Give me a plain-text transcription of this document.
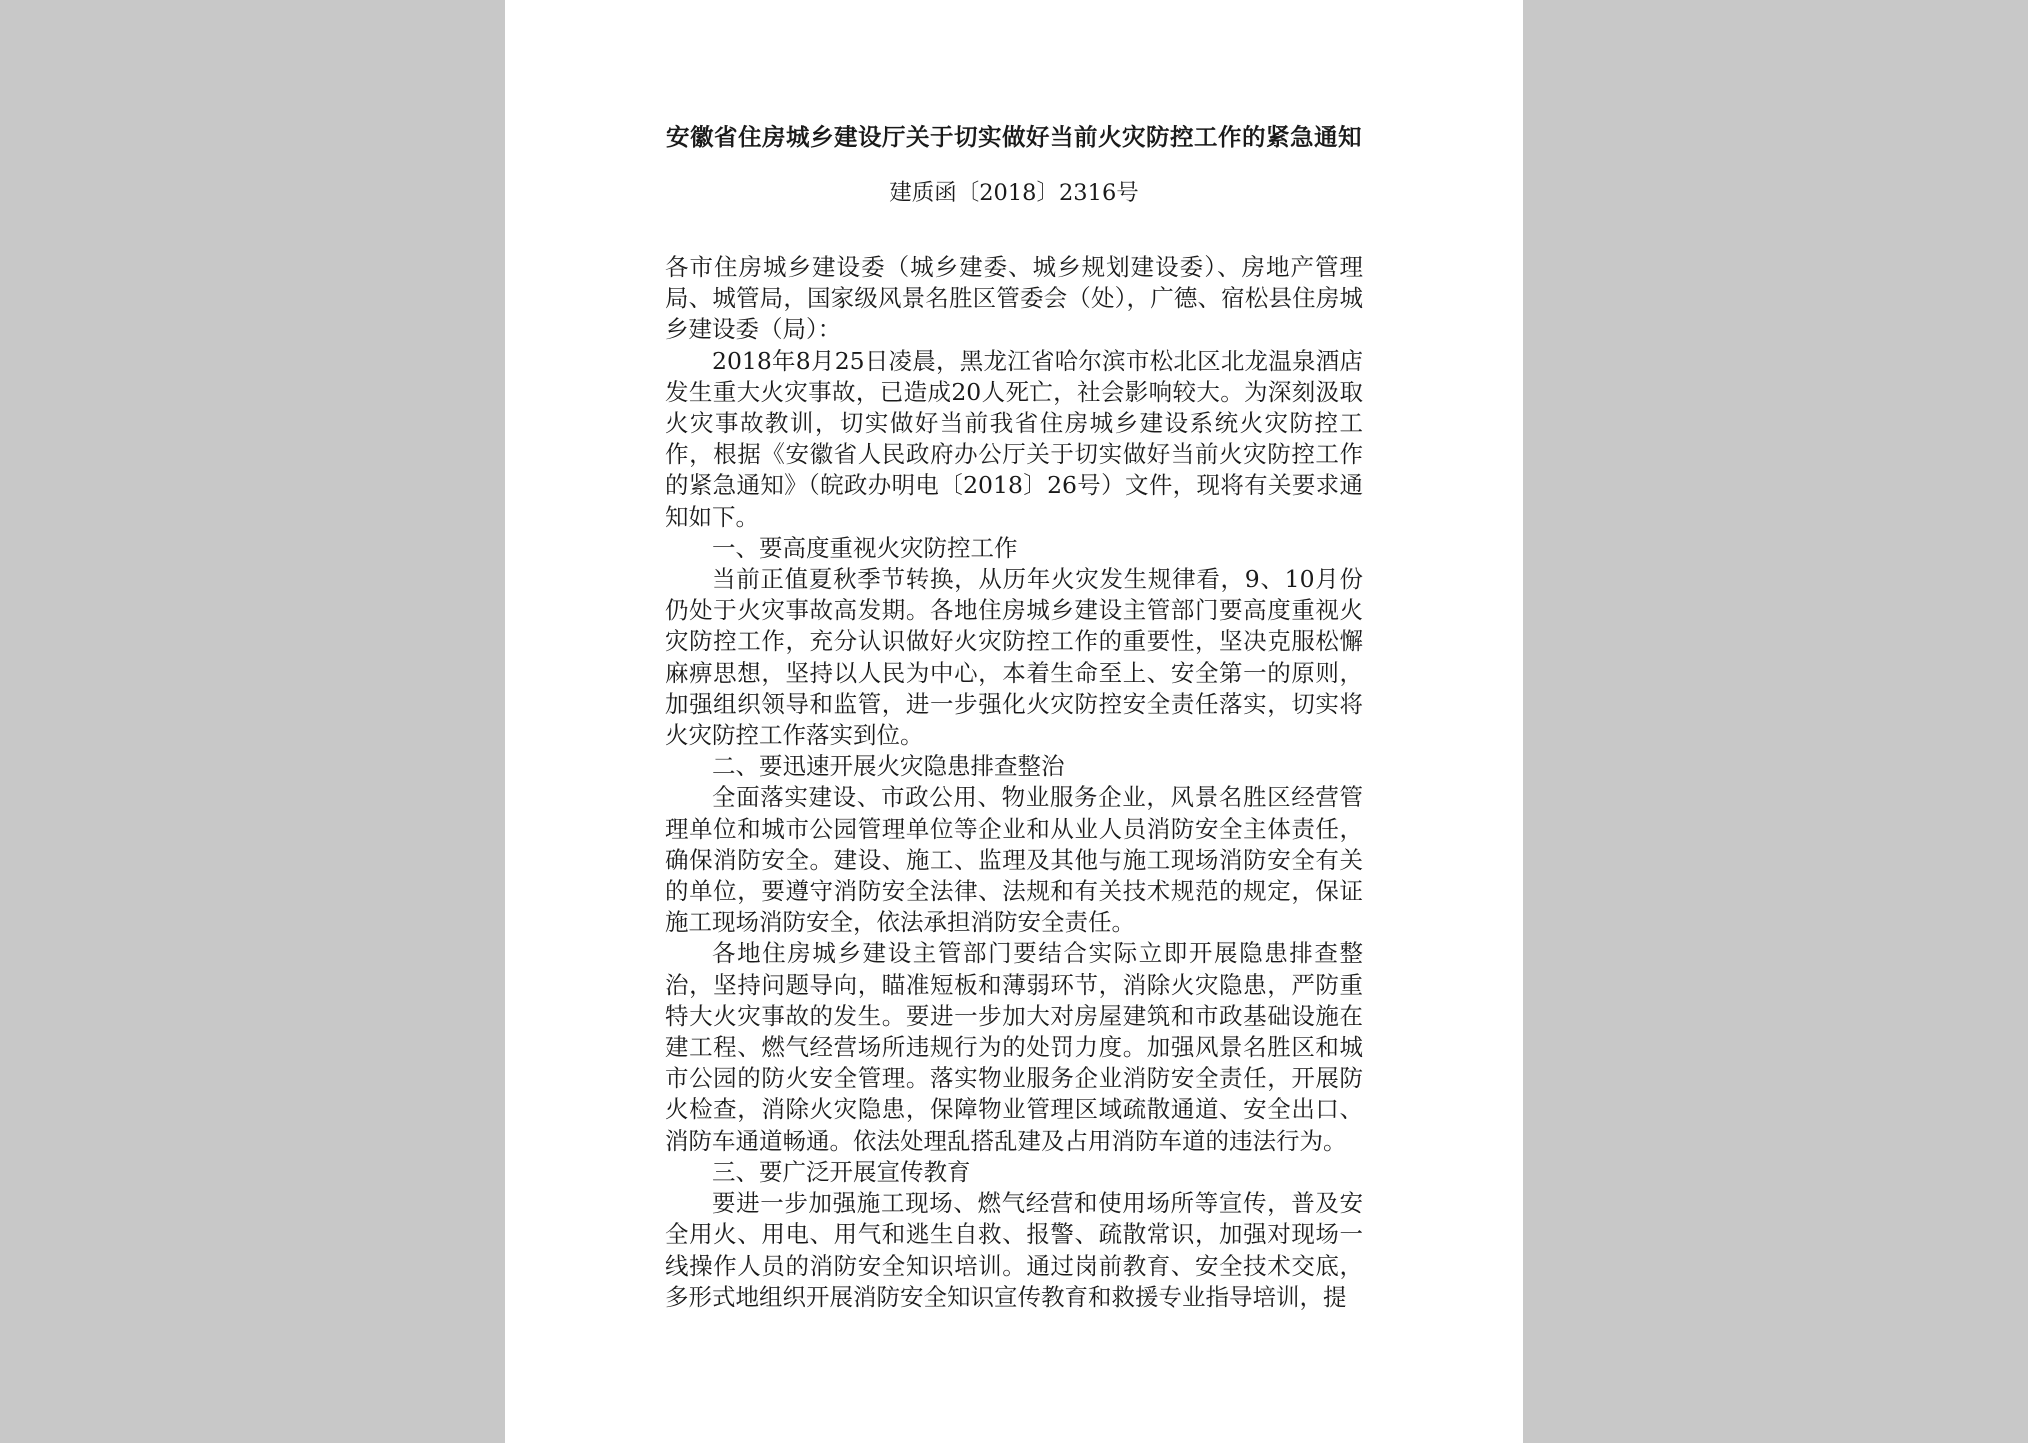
安徽省住房城乡建设厅关于切实做好当前火灾防控工作的紧急通知
建质函〔2018〕2316号

各市住房城乡建设委（城乡建委、城乡规划建设委）、房地产管理局、城管局，国家级风景名胜区管委会（处），广德、宿松县住房城乡建设委（局）：

2018年8月25日凌晨，黑龙江省哈尔滨市松北区北龙温泉酒店发生重大火灾事故，已造成20人死亡，社会影响较大。为深刻汲取火灾事故教训，切实做好当前我省住房城乡建设系统火灾防控工作，根据《安徽省人民政府办公厅关于切实做好当前火灾防控工作的紧急通知》（皖政办明电〔2018〕26号）文件，现将有关要求通知如下。

一、要高度重视火灾防控工作

当前正值夏秋季节转换，从历年火灾发生规律看，9、10月份仍处于火灾事故高发期。各地住房城乡建设主管部门要高度重视火灾防控工作，充分认识做好火灾防控工作的重要性，坚决克服松懈麻痹思想，坚持以人民为中心，本着生命至上、安全第一的原则，加强组织领导和监管，进一步强化火灾防控安全责任落实，切实将火灾防控工作落实到位。

二、要迅速开展火灾隐患排查整治

全面落实建设、市政公用、物业服务企业，风景名胜区经营管理单位和城市公园管理单位等企业和从业人员消防安全主体责任，确保消防安全。建设、施工、监理及其他与施工现场消防安全有关的单位，要遵守消防安全法律、法规和有关技术规范的规定，保证施工现场消防安全，依法承担消防安全责任。

各地住房城乡建设主管部门要结合实际立即开展隐患排查整治，坚持问题导向，瞄准短板和薄弱环节，消除火灾隐患，严防重特大火灾事故的发生。要进一步加大对房屋建筑和市政基础设施在建工程、燃气经营场所违规行为的处罚力度。加强风景名胜区和城市公园的防火安全管理。落实物业服务企业消防安全责任，开展防火检查，消除火灾隐患，保障物业管理区域疏散通道、安全出口、消防车通道畅通。依法处理乱搭乱建及占用消防车道的违法行为。

三、要广泛开展宣传教育

要进一步加强施工现场、燃气经营和使用场所等宣传，普及安全用火、用电、用气和逃生自救、报警、疏散常识，加强对现场一线操作人员的消防安全知识培训。通过岗前教育、安全技术交底，多形式地组织开展消防安全知识宣传教育和救援专业指导培训，提
